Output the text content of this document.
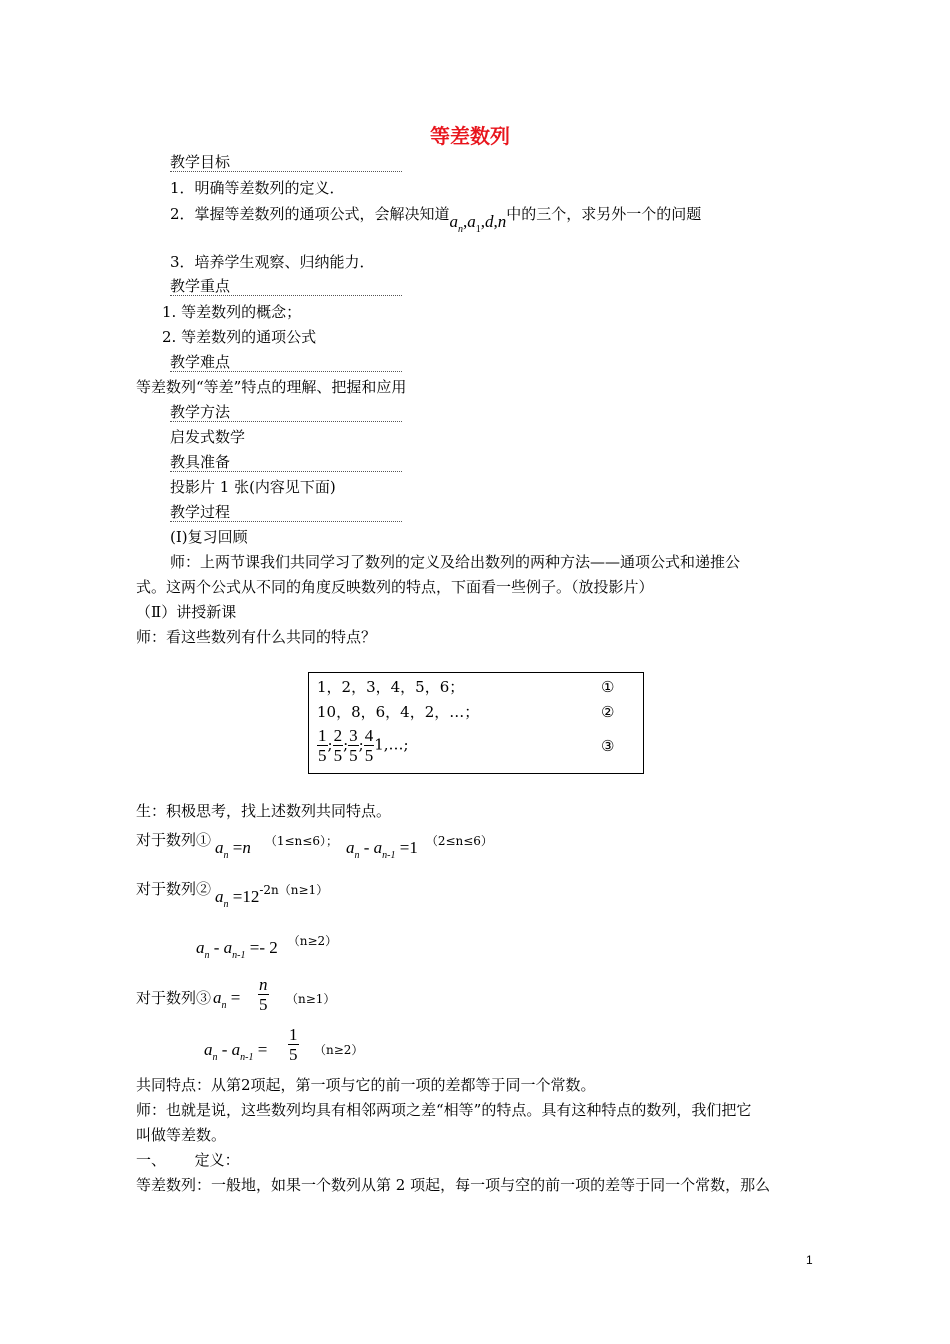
等差数列
教学目标
1．明确等差数列的定义．
2．掌握等差数列的通项公式，会解决知道$a_n,a_1,d,n$中的三个，求另外一个的问题
3．培养学生观察、归纳能力．
教学重点
1. 等差数列的概念；
2. 等差数列的通项公式
教学难点
等差数列“等差”特点的理解、把握和应用
教学方法
启发式数学
教具准备
投影片 1 张(内容见下面)
教学过程
(I)复习回顾
师：上两节课我们共同学习了数列的定义及给出数列的两种方法——通项公式和递推公
式。这两个公式从不同的角度反映数列的特点，下面看一些例子。（放投影片）
（Ⅱ）讲授新课
师：看这些数列有什么共同的特点？
1，2，3，4，5，6；	①
10，8，6，4，2，…；	②
$\frac{1}{5}$ ; $\frac{2}{5}$ ; $\frac{3}{5}$ ; $\frac{4}{5}$ 1,…;	③
生：积极思考，找上述数列共同特点。
对于数列① $a_n =n$ （1≤n≤6）； $a_n - a_{n-1} =1$ （2≤n≤6）
对于数列② $a_n =12-2n(n\ge 1)$
$a_n - a_{n-1} =- 2$ （n≥2）
对于数列③ $a_n = \frac{n}{5} (n\ge 1)$
$a_n - a_{n-1} = \frac{1}{5} (n\ge 2)$
共同特点：从第2项起，第一项与它的前一项的差都等于同一个常数。
师：也就是说，这些数列均具有相邻两项之差“相等”的特点。具有这种特点的数列，我们把它
叫做等差数。
一、      定义：
等差数列：一般地，如果一个数列从第 2 项起，每一项与空的前一项的差等于同一个常数，那么
1
